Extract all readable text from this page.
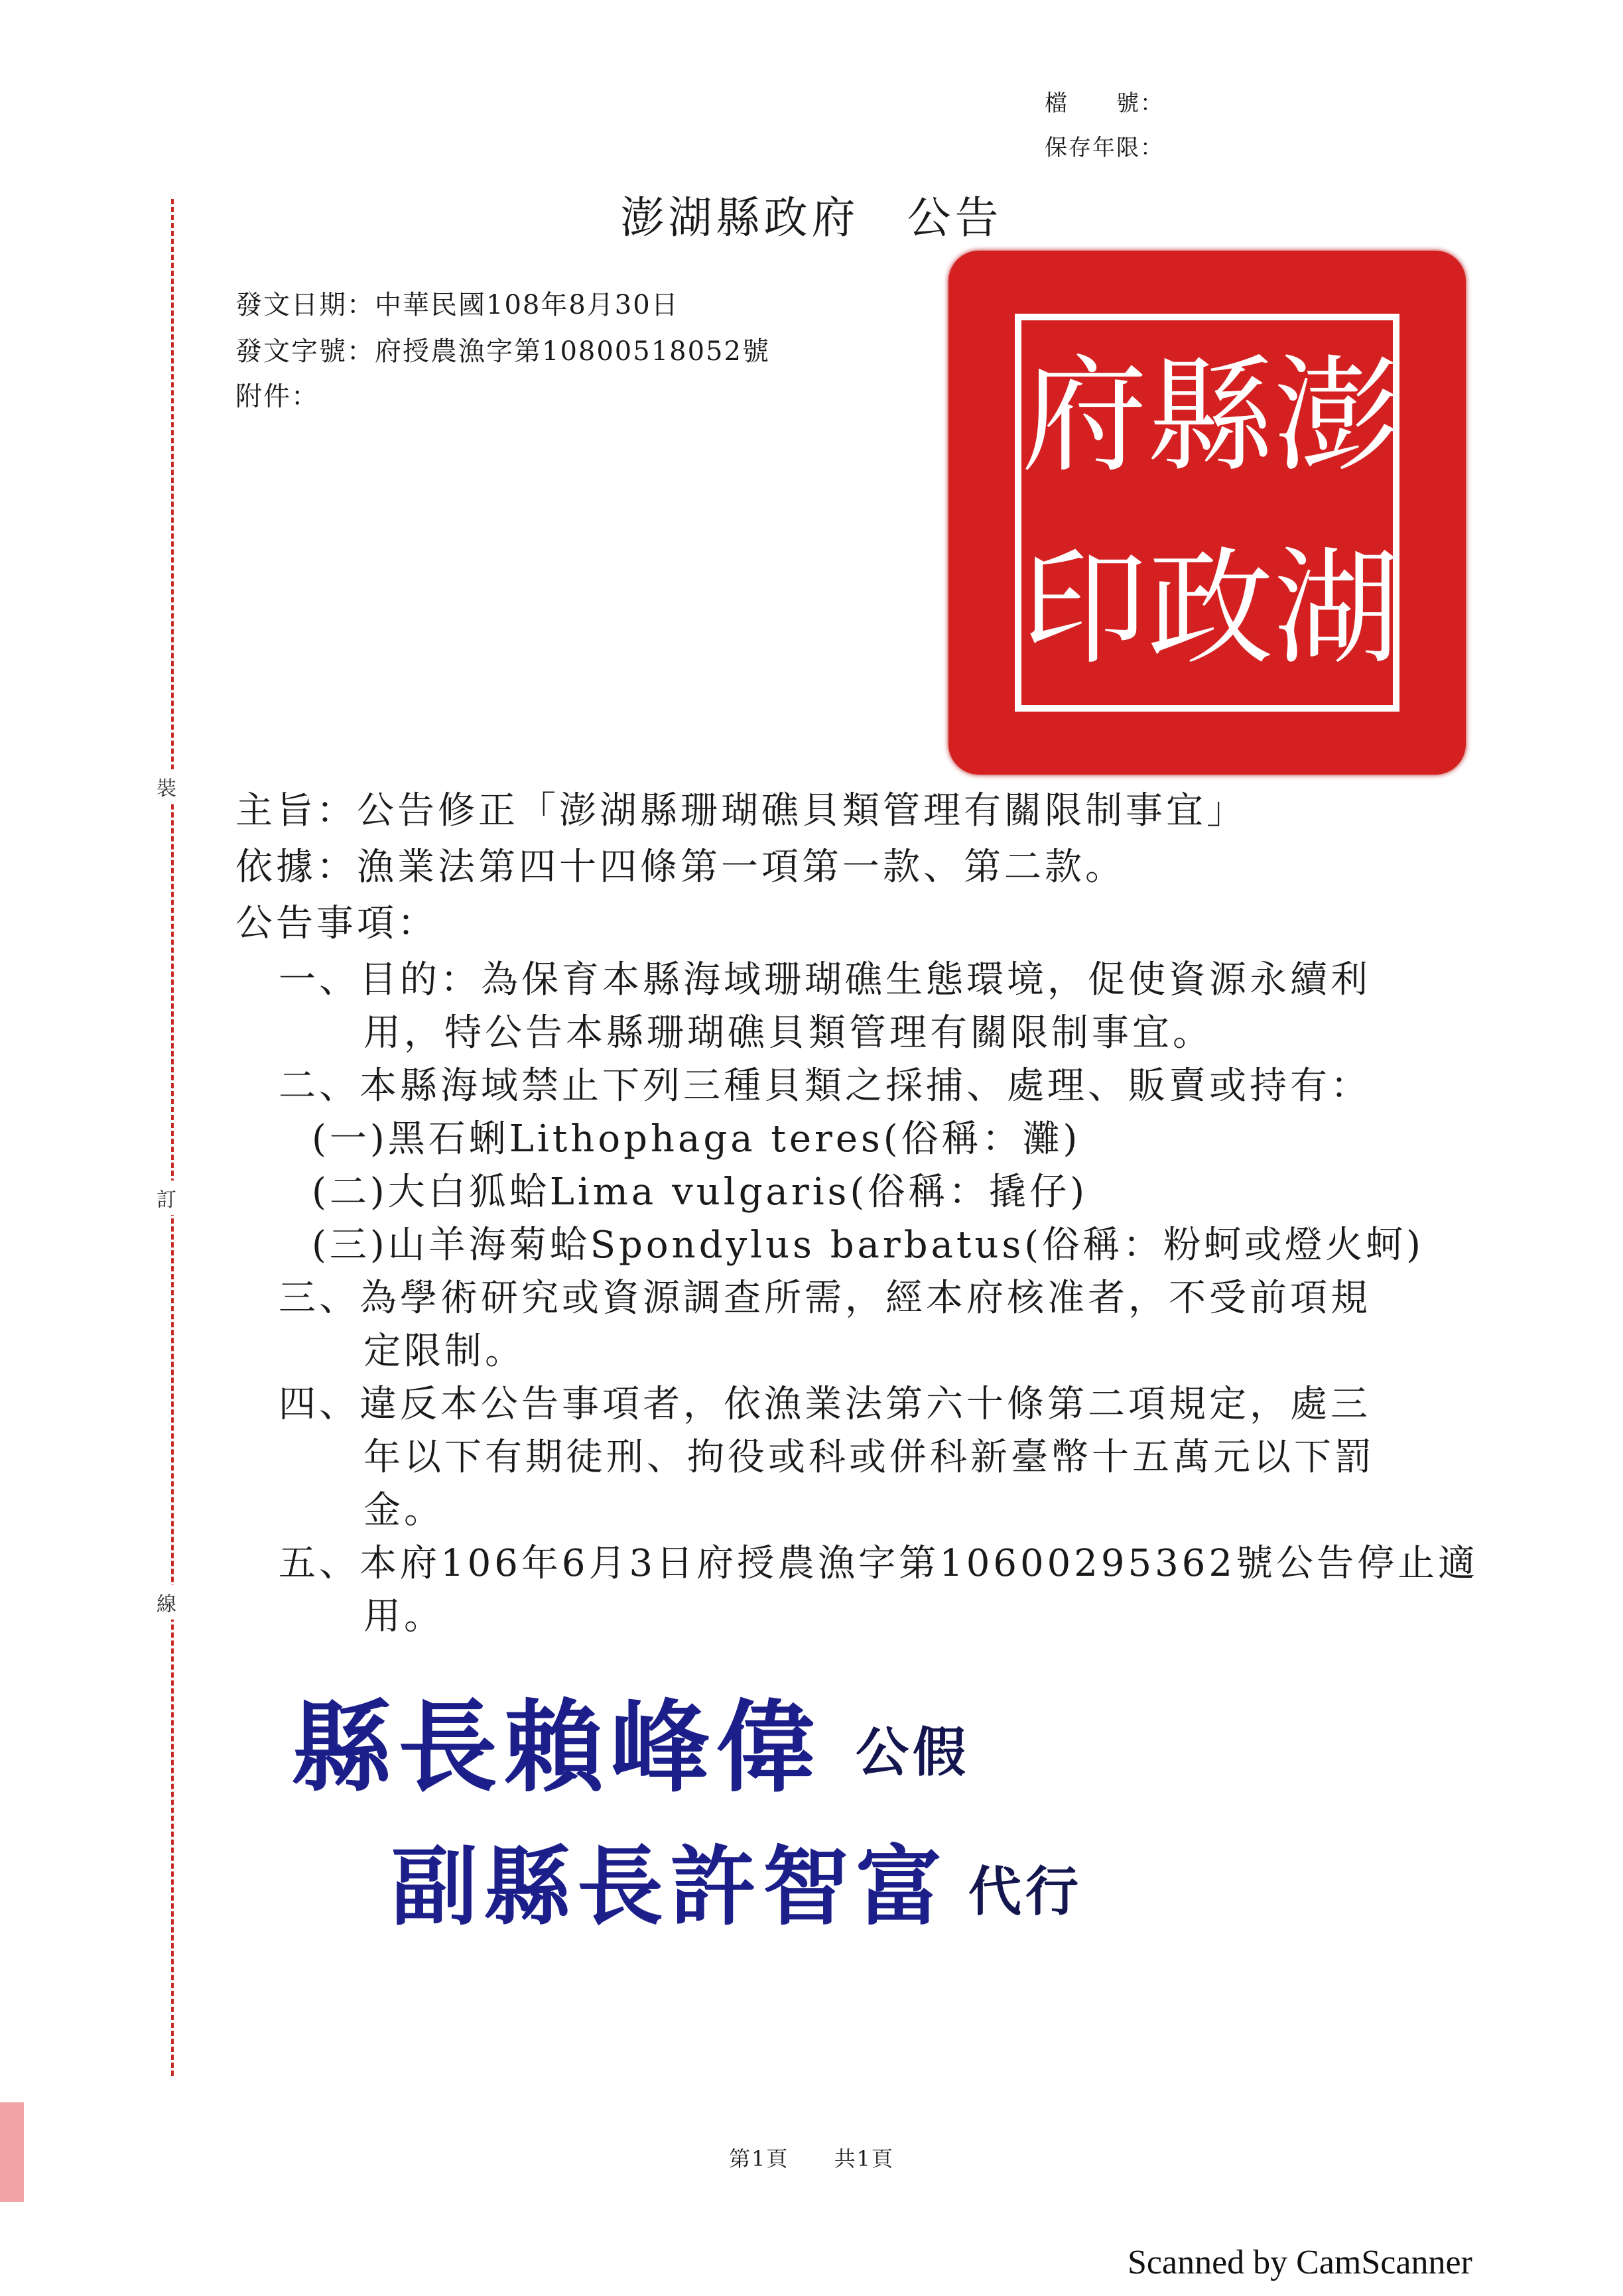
檔　　號：
保存年限：
澎湖縣政府　公告
發文日期：中華民國108年8月30日
發文字號：府授農漁字第10800518052號
附件：
裝
訂
線
澎
湖
縣
政
府
印
主旨：公告修正「澎湖縣珊瑚礁貝類管理有關限制事宜」
依據：漁業法第四十四條第一項第一款、第二款。
公告事項：
一、目的：為保育本縣海域珊瑚礁生態環境，促使資源永續利
用，特公告本縣珊瑚礁貝類管理有關限制事宜。
二、本縣海域禁止下列三種貝類之採捕、處理、販賣或持有：
(一)黑石蜊Lithophaga teres(俗稱：灘)
(二)大白狐蛤Lima vulgaris(俗稱：撬仔)
(三)山羊海菊蛤Spondylus barbatus(俗稱：粉蚵或燈火蚵)
三、為學術研究或資源調查所需，經本府核准者，不受前項規
定限制。
四、違反本公告事項者，依漁業法第六十條第二項規定，處三
年以下有期徒刑、拘役或科或併科新臺幣十五萬元以下罰
金。
五、本府106年6月3日府授農漁字第10600295362號公告停止適
用。
縣長賴峰偉 公假
副縣長許智富 代行
第1頁 共1頁
Scanned by CamScanner
